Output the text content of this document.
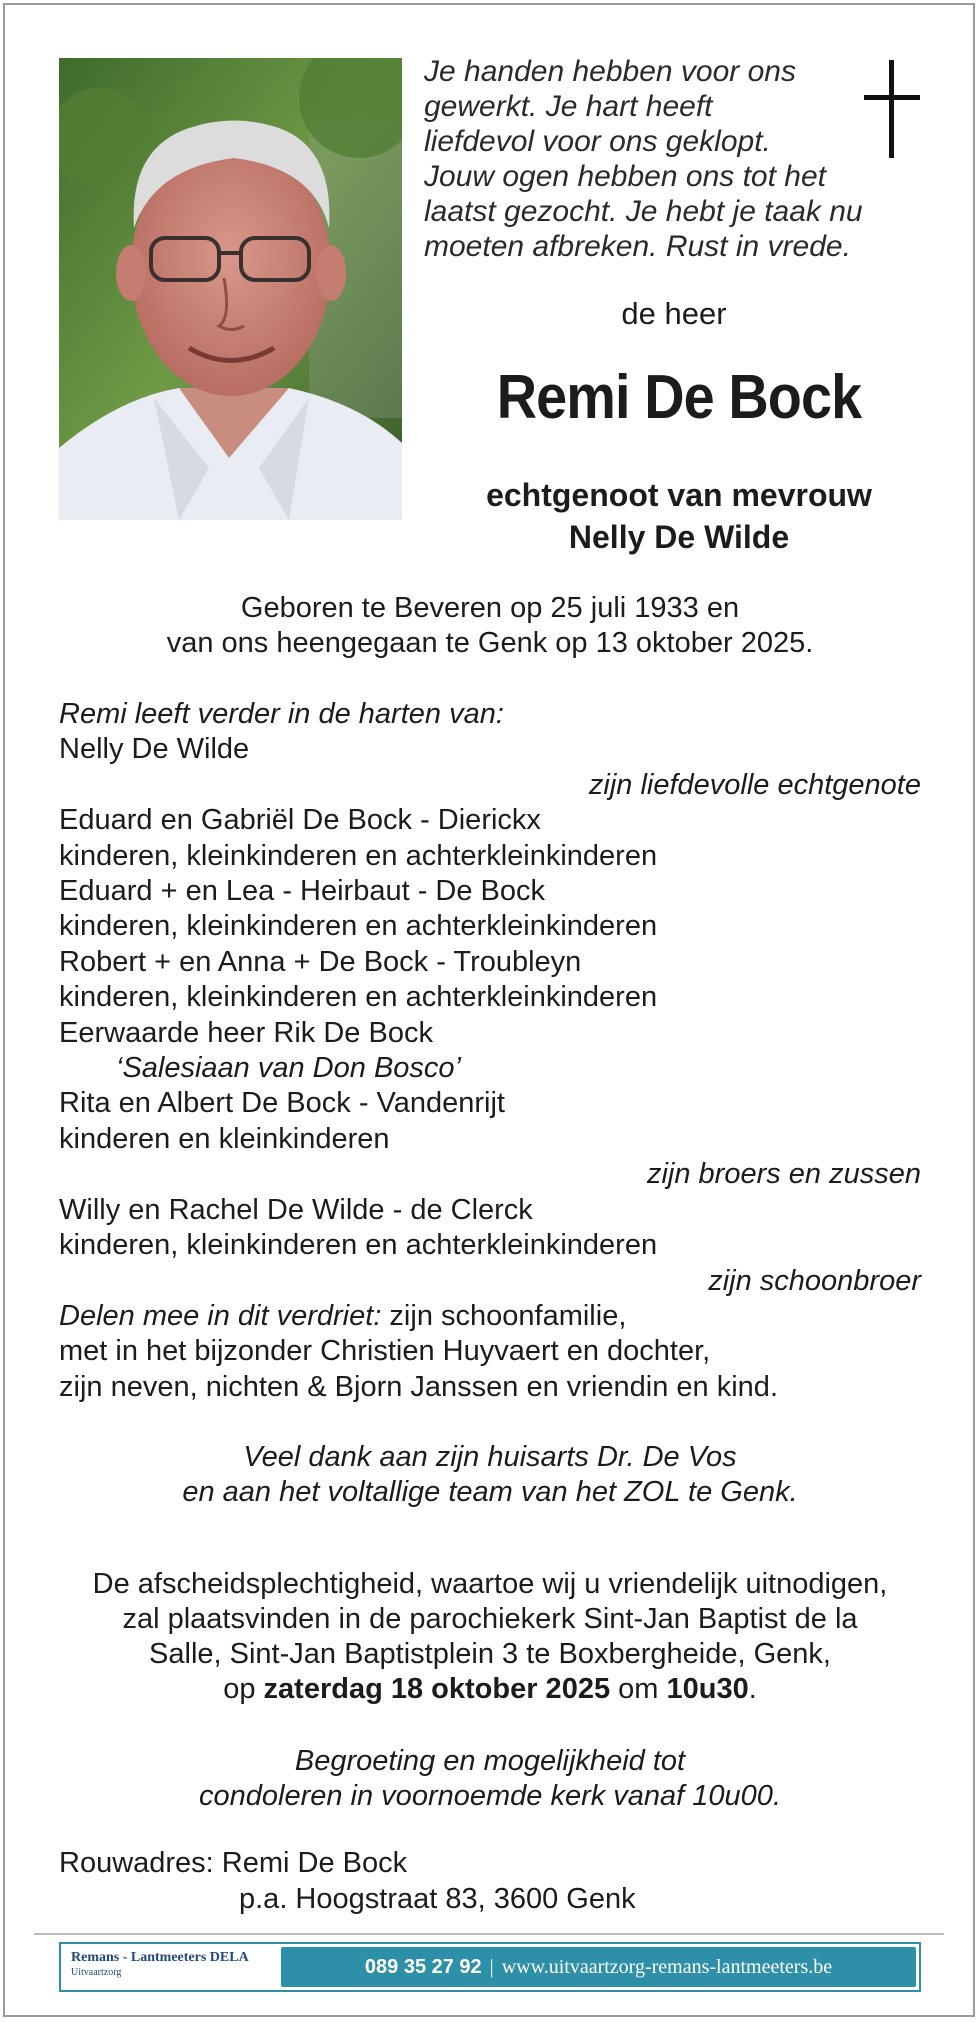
Je handen hebben voor ons
gewerkt. Je hart heeft
liefdevol voor ons geklopt.
Jouw ogen hebben ons tot het
laatst gezocht. Je hebt je taak nu
moeten afbreken. Rust in vrede.
de heer
Remi De Bock
echtgenoot van mevrouw
Nelly De Wilde
Geboren te Beveren op 25 juli 1933 en
van ons heengegaan te Genk op 13 oktober 2025.
Remi leeft verder in de harten van:
Nelly De Wilde
zijn liefdevolle echtgenote
Eduard en Gabriël De Bock - Dierickx
kinderen, kleinkinderen en achterkleinkinderen
Eduard + en Lea - Heirbaut - De Bock
kinderen, kleinkinderen en achterkleinkinderen
Robert + en Anna + De Bock - Troubleyn
kinderen, kleinkinderen en achterkleinkinderen
Eerwaarde heer Rik De Bock
‘Salesiaan van Don Bosco’
Rita en Albert De Bock - Vandenrijt
kinderen en kleinkinderen
zijn broers en zussen
Willy en Rachel De Wilde - de Clerck
kinderen, kleinkinderen en achterkleinkinderen
zijn schoonbroer
Delen mee in dit verdriet: zijn schoonfamilie,
met in het bijzonder Christien Huyvaert en dochter,
zijn neven, nichten & Bjorn Janssen en vriendin en kind.
Veel dank aan zijn huisarts Dr. De Vos
en aan het voltallige team van het ZOL te Genk.
De afscheidsplechtigheid, waartoe wij u vriendelijk uitnodigen,
zal plaatsvinden in de parochiekerk Sint-Jan Baptist de la
Salle, Sint-Jan Baptistplein 3 te Boxbergheide, Genk,
op zaterdag 18 oktober 2025 om 10u30.
Begroeting en mogelijkheid tot
condoleren in voornoemde kerk vanaf 10u00.
Rouwadres: Remi De Bock
p.a. Hoogstraat 83, 3600 Genk
Remans - Lantmeeters DELA
Uitvaartzorg	089 35 27 92 | www.uitvaartzorg-remans-lantmeeters.be
